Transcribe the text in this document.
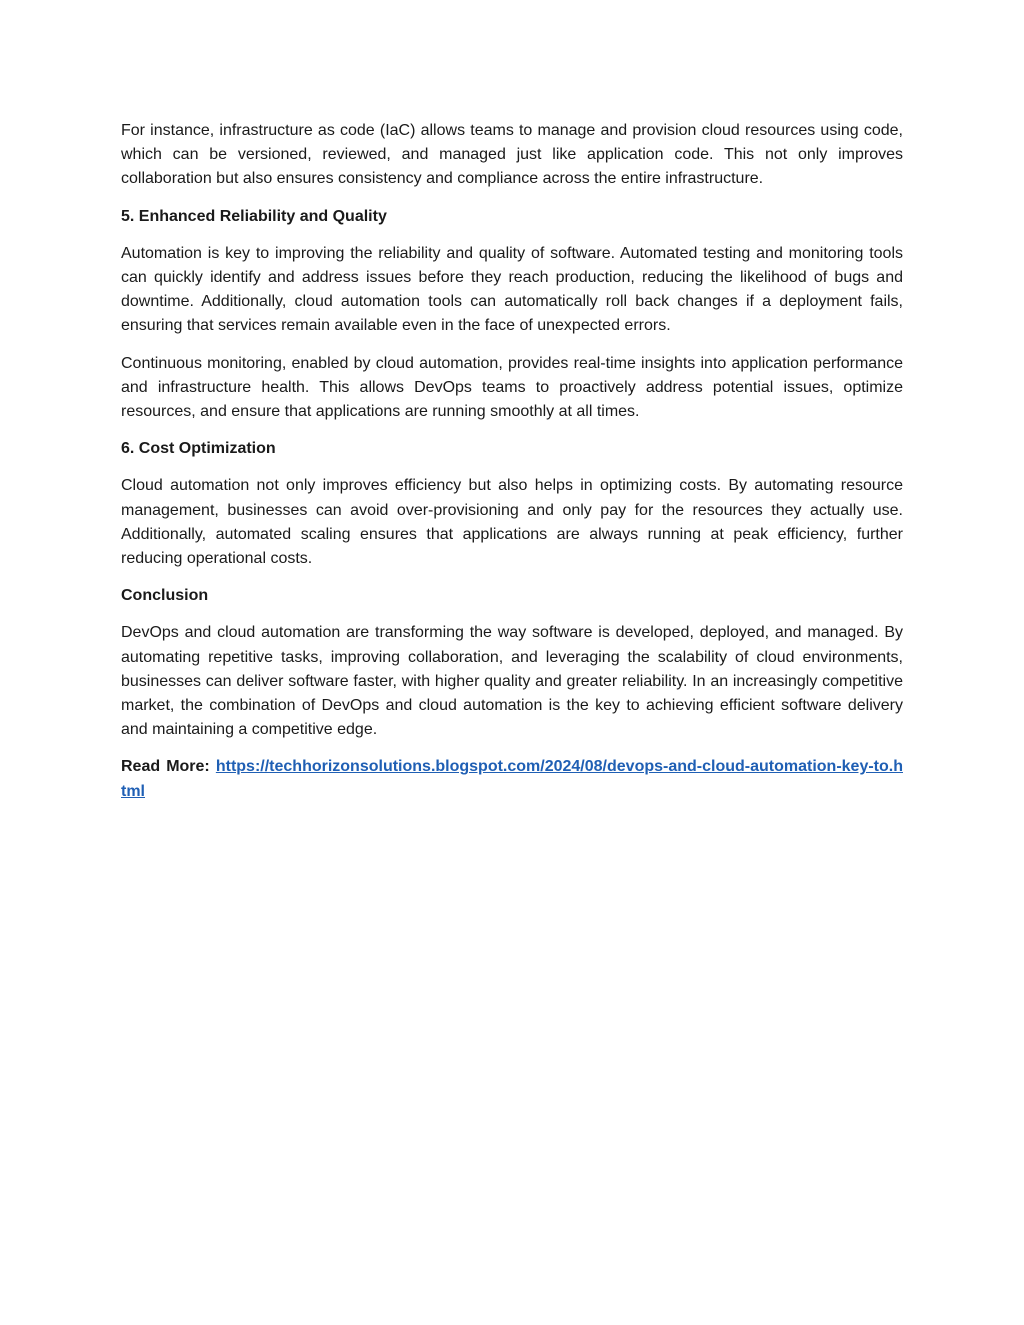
For instance, infrastructure as code (IaC) allows teams to manage and provision cloud resources using code, which can be versioned, reviewed, and managed just like application code. This not only improves collaboration but also ensures consistency and compliance across the entire infrastructure.

5. Enhanced Reliability and Quality

Automation is key to improving the reliability and quality of software. Automated testing and monitoring tools can quickly identify and address issues before they reach production, reducing the likelihood of bugs and downtime. Additionally, cloud automation tools can automatically roll back changes if a deployment fails, ensuring that services remain available even in the face of unexpected errors.

Continuous monitoring, enabled by cloud automation, provides real-time insights into application performance and infrastructure health. This allows DevOps teams to proactively address potential issues, optimize resources, and ensure that applications are running smoothly at all times.

6. Cost Optimization

Cloud automation not only improves efficiency but also helps in optimizing costs. By automating resource management, businesses can avoid over-provisioning and only pay for the resources they actually use. Additionally, automated scaling ensures that applications are always running at peak efficiency, further reducing operational costs.

Conclusion

DevOps and cloud automation are transforming the way software is developed, deployed, and managed. By automating repetitive tasks, improving collaboration, and leveraging the scalability of cloud environments, businesses can deliver software faster, with higher quality and greater reliability. In an increasingly competitive market, the combination of DevOps and cloud automation is the key to achieving efficient software delivery and maintaining a competitive edge.

Read More: https://techhorizonsolutions.blogspot.com/2024/08/devops-and-cloud-automation-key-to.html
